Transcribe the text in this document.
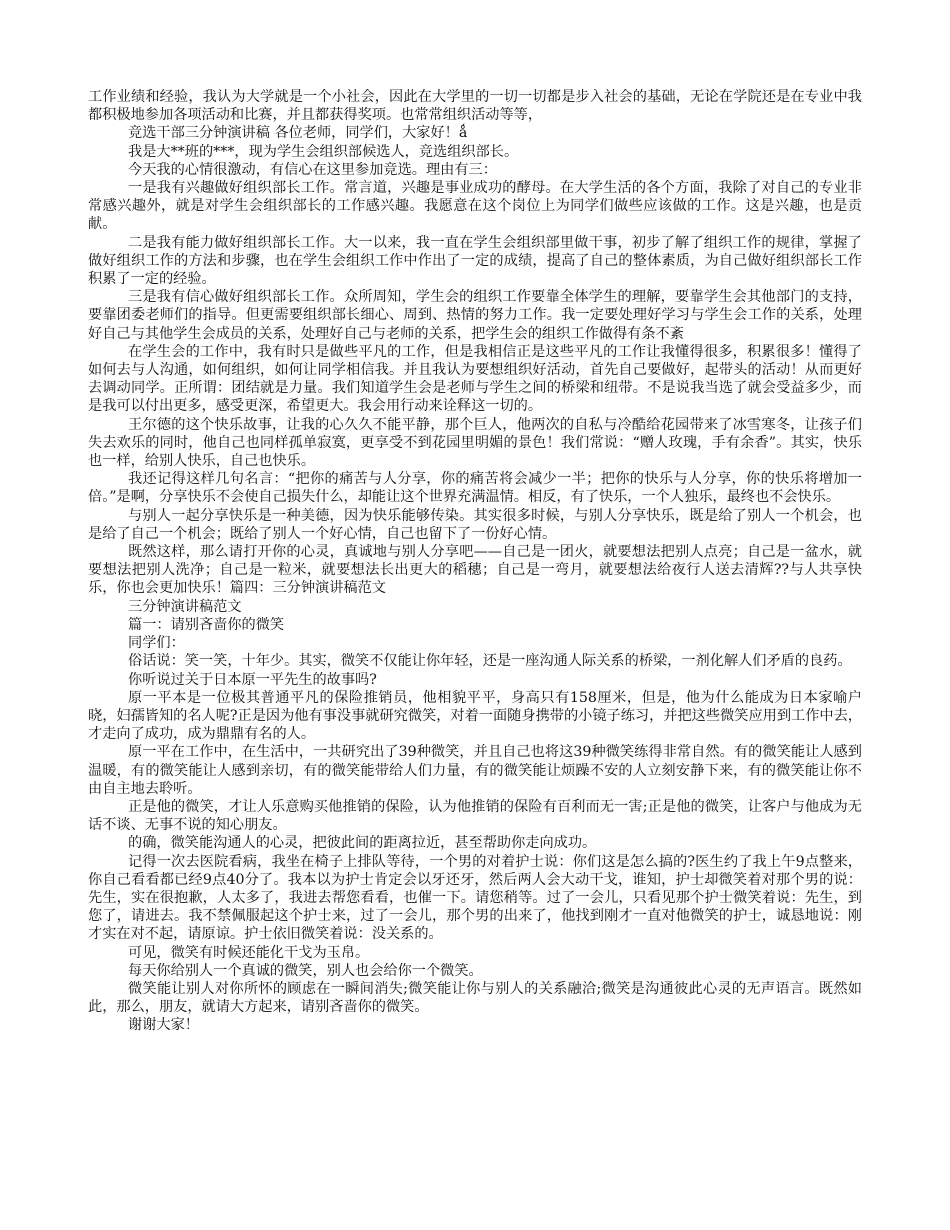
工作业绩和经验，我认为大学就是一个小社会，因此在大学里的一切一切都是步入社会的基础，无论在学院还是在专业中我都积极地参加各项活动和比赛，并且都获得奖项。也常常组织活动等等，

竞选干部三分钟演讲稿 各位老师，同学们，大家好！ǻ

我是大**班的***，现为学生会组织部候选人，竞选组织部长。

今天我的心情很激动，有信心在这里参加竞选。理由有三：

一是我有兴趣做好组织部长工作。常言道，兴趣是事业成功的酵母。在大学生活的各个方面，我除了对自己的专业非常感兴趣外，就是对学生会组织部长的工作感兴趣。我愿意在这个岗位上为同学们做些应该做的工作。这是兴趣，也是贡献。

二是我有能力做好组织部长工作。大一以来，我一直在学生会组织部里做干事，初步了解了组织工作的规律，掌握了做好组织工作的方法和步骤，也在学生会组织工作中作出了一定的成绩，提高了自己的整体素质，为自己做好组织部长工作积累了一定的经验。

三是我有信心做好组织部长工作。众所周知，学生会的组织工作要靠全体学生的理解，要靠学生会其他部门的支持，要靠团委老师们的指导。但更需要组织部长细心、周到、热情的努力工作。我一定要处理好学习与学生会工作的关系，处理好自己与其他学生会成员的关系，处理好自己与老师的关系，把学生会的组织工作做得有条不紊

在学生会的工作中，我有时只是做些平凡的工作，但是我相信正是这些平凡的工作让我懂得很多，积累很多！懂得了如何去与人沟通，如何组织，如何让同学相信我。并且我认为要想组织好活动，首先自己要做好，起带头的活动！从而更好去调动同学。正所谓：团结就是力量。我们知道学生会是老师与学生之间的桥梁和纽带。不是说我当选了就会受益多少，而是我可以付出更多，感受更深，希望更大。我会用行动来诠释这一切的。

王尔德的这个快乐故事，让我的心久久不能平静，那个巨人，他两次的自私与冷酷给花园带来了冰雪寒冬，让孩子们失去欢乐的同时，他自己也同样孤单寂寞，更享受不到花园里明媚的景色！我们常说：“赠人玫瑰，手有余香”。其实，快乐也一样，给别人快乐，自己也快乐。

我还记得这样几句名言：“把你的痛苦与人分享，你的痛苦将会减少一半；把你的快乐与人分享，你的快乐将增加一倍。”是啊，分享快乐不会使自己损失什么，却能让这个世界充满温情。相反，有了快乐，一个人独乐，最终也不会快乐。

与别人一起分享快乐是一种美德，因为快乐能够传染。其实很多时候，与别人分享快乐，既是给了别人一个机会，也是给了自己一个机会；既给了别人一个好心情，自己也留下了一份好心情。

既然这样，那么请打开你的心灵，真诚地与别人分享吧——自己是一团火，就要想法把别人点亮；自己是一盆水，就要想法把别人洗净；自己是一粒米，就要想法长出更大的稻穗；自己是一弯月，就要想法给夜行人送去清辉??与人共享快乐，你也会更加快乐！篇四：三分钟演讲稿范文

三分钟演讲稿范文

篇一：请别吝啬你的微笑

同学们：

俗话说：笑一笑，十年少。其实，微笑不仅能让你年轻，还是一座沟通人际关系的桥梁，一剂化解人们矛盾的良药。

你听说过关于日本原一平先生的故事吗?

原一平本是一位极其普通平凡的保险推销员，他相貌平平，身高只有158厘米，但是，他为什么能成为日本家喻户晓，妇孺皆知的名人呢?正是因为他有事没事就研究微笑，对着一面随身携带的小镜子练习，并把这些微笑应用到工作中去，才走向了成功，成为鼎鼎有名的人。

原一平在工作中，在生活中，一共研究出了39种微笑，并且自己也将这39种微笑练得非常自然。有的微笑能让人感到温暖，有的微笑能让人感到亲切，有的微笑能带给人们力量，有的微笑能让烦躁不安的人立刻安静下来，有的微笑能让你不由自主地去聆听。

正是他的微笑，才让人乐意购买他推销的保险，认为他推销的保险有百利而无一害;正是他的微笑，让客户与他成为无话不谈、无事不说的知心朋友。

的确，微笑能沟通人的心灵，把彼此间的距离拉近，甚至帮助你走向成功。

记得一次去医院看病，我坐在椅子上排队等待，一个男的对着护士说：你们这是怎么搞的?医生约了我上午9点整来，你自己看看都已经9点40分了。我本以为护士肯定会以牙还牙，然后两人会大动干戈，谁知，护士却微笑着对那个男的说：先生，实在很抱歉，人太多了，我进去帮您看看，也催一下。请您稍等。过了一会儿，只看见那个护士微笑着说：先生，到您了，请进去。我不禁佩服起这个护士来，过了一会儿，那个男的出来了，他找到刚才一直对他微笑的护士，诚恳地说：刚才实在对不起，请原谅。护士依旧微笑着说：没关系的。

可见，微笑有时候还能化干戈为玉帛。

每天你给别人一个真诚的微笑，别人也会给你一个微笑。

微笑能让别人对你所怀的顾虑在一瞬间消失;微笑能让你与别人的关系融洽;微笑是沟通彼此心灵的无声语言。既然如此，那么，朋友，就请大方起来，请别吝啬你的微笑。

谢谢大家！
